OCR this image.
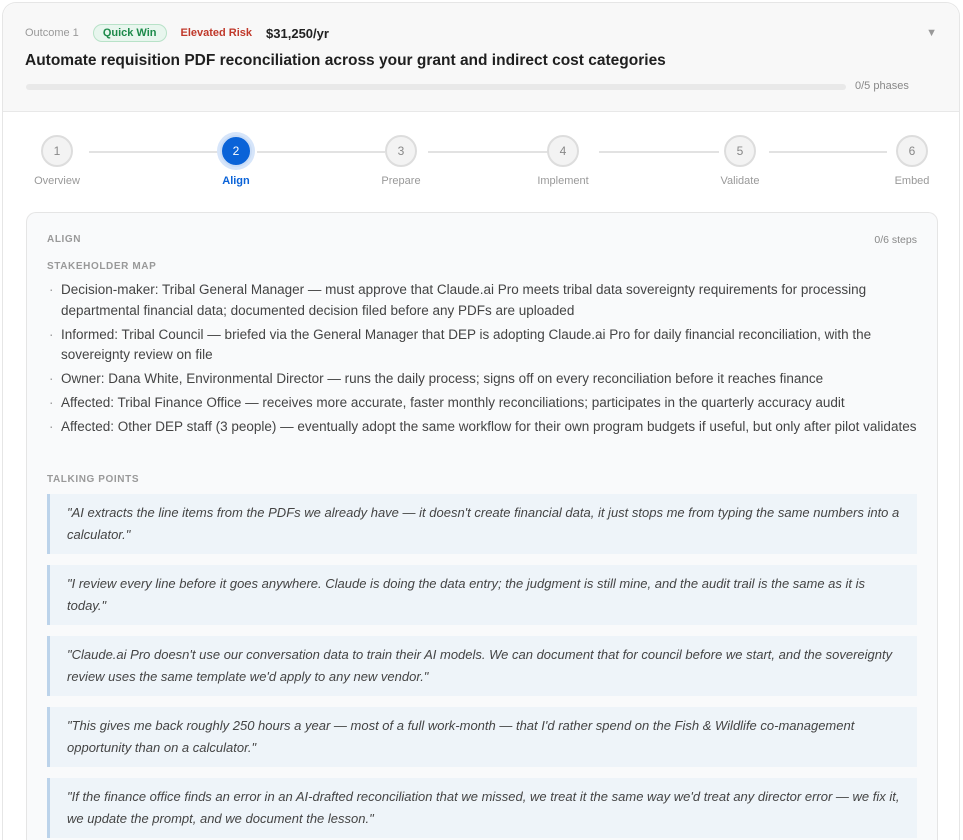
Outcome 1	Quick Win	Elevated Risk $31,250/yr	▼
Automate requisition PDF reconciliation across your grant and indirect cost categories
0/5 phases
1
Overview
2
Align
3
Prepare
4
Implement
5
Validate
6
Embed
ALIGN	0/6 steps
STAKEHOLDER MAP
· Decision-maker: Tribal General Manager — must approve that Claude.ai Pro meets tribal data sovereignty requirements for processing departmental financial data; documented decision filed before any PDFs are uploaded
· Informed: Tribal Council — briefed via the General Manager that DEP is adopting Claude.ai Pro for daily financial reconciliation, with the sovereignty review on file
· Owner: Dana White, Environmental Director — runs the daily process; signs off on every reconciliation before it reaches finance
· Affected: Tribal Finance Office — receives more accurate, faster monthly reconciliations; participates in the quarterly accuracy audit
· Affected: Other DEP staff (3 people) — eventually adopt the same workflow for their own program budgets if useful, but only after pilot validates
TALKING POINTS
"AI extracts the line items from the PDFs we already have — it doesn't create financial data, it just stops me from typing the same numbers into a calculator."
"I review every line before it goes anywhere. Claude is doing the data entry; the judgment is still mine, and the audit trail is the same as it is today."
"Claude.ai Pro doesn't use our conversation data to train their AI models. We can document that for council before we start, and the sovereignty review uses the same template we'd apply to any new vendor."
"This gives me back roughly 250 hours a year — most of a full work-month — that I'd rather spend on the Fish & Wildlife co-management opportunity than on a calculator."
"If the finance office finds an error in an AI-drafted reconciliation that we missed, we treat it the same way we'd treat any director error — we fix it, we update the prompt, and we document the lesson."
